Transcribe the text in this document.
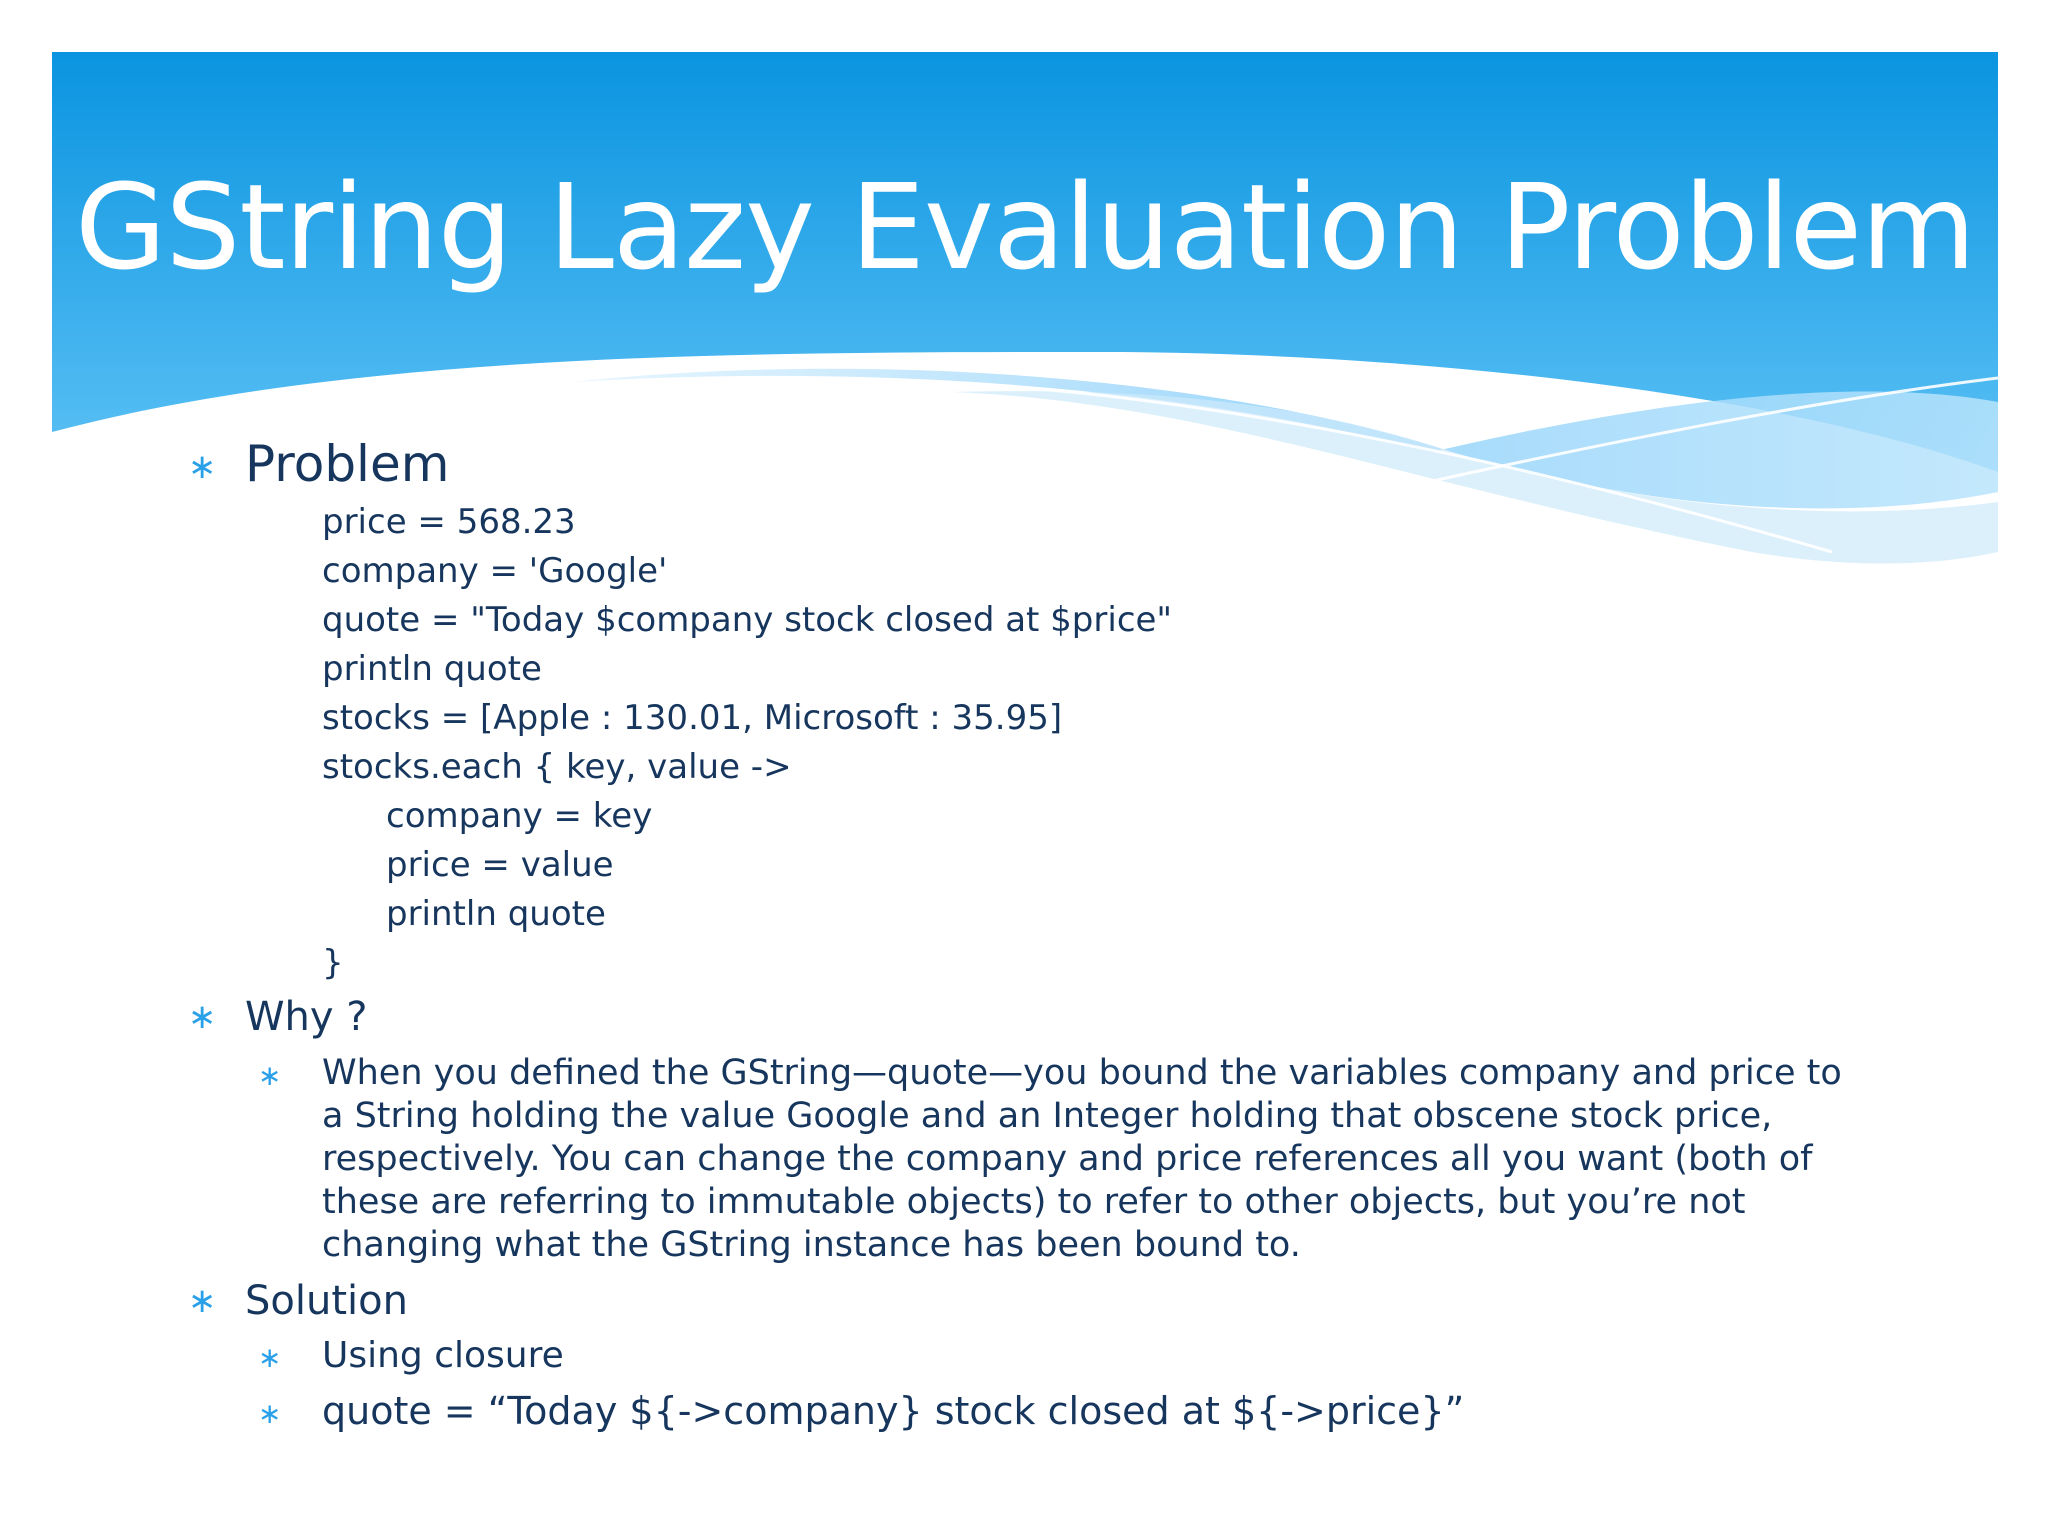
GString Lazy Evaluation Problem
∗ Problem
price = 568.23
company = 'Google'
quote = "Today $company stock closed at $price"
println quote
stocks = [Apple : 130.01, Microsoft : 35.95]
stocks.each { key, value ->
company = key
price = value
println quote
}
∗ Why ?
∗ When you defined the GString—quote—you bound the variables company and price to
a String holding the value Google and an Integer holding that obscene stock price,
respectively. You can change the company and price references all you want (both of
these are referring to immutable objects) to refer to other objects, but you’re not
changing what the GString instance has been bound to.
∗ Solution
∗ Using closure
∗ quote = “Today ${->company} stock closed at ${->price}”
